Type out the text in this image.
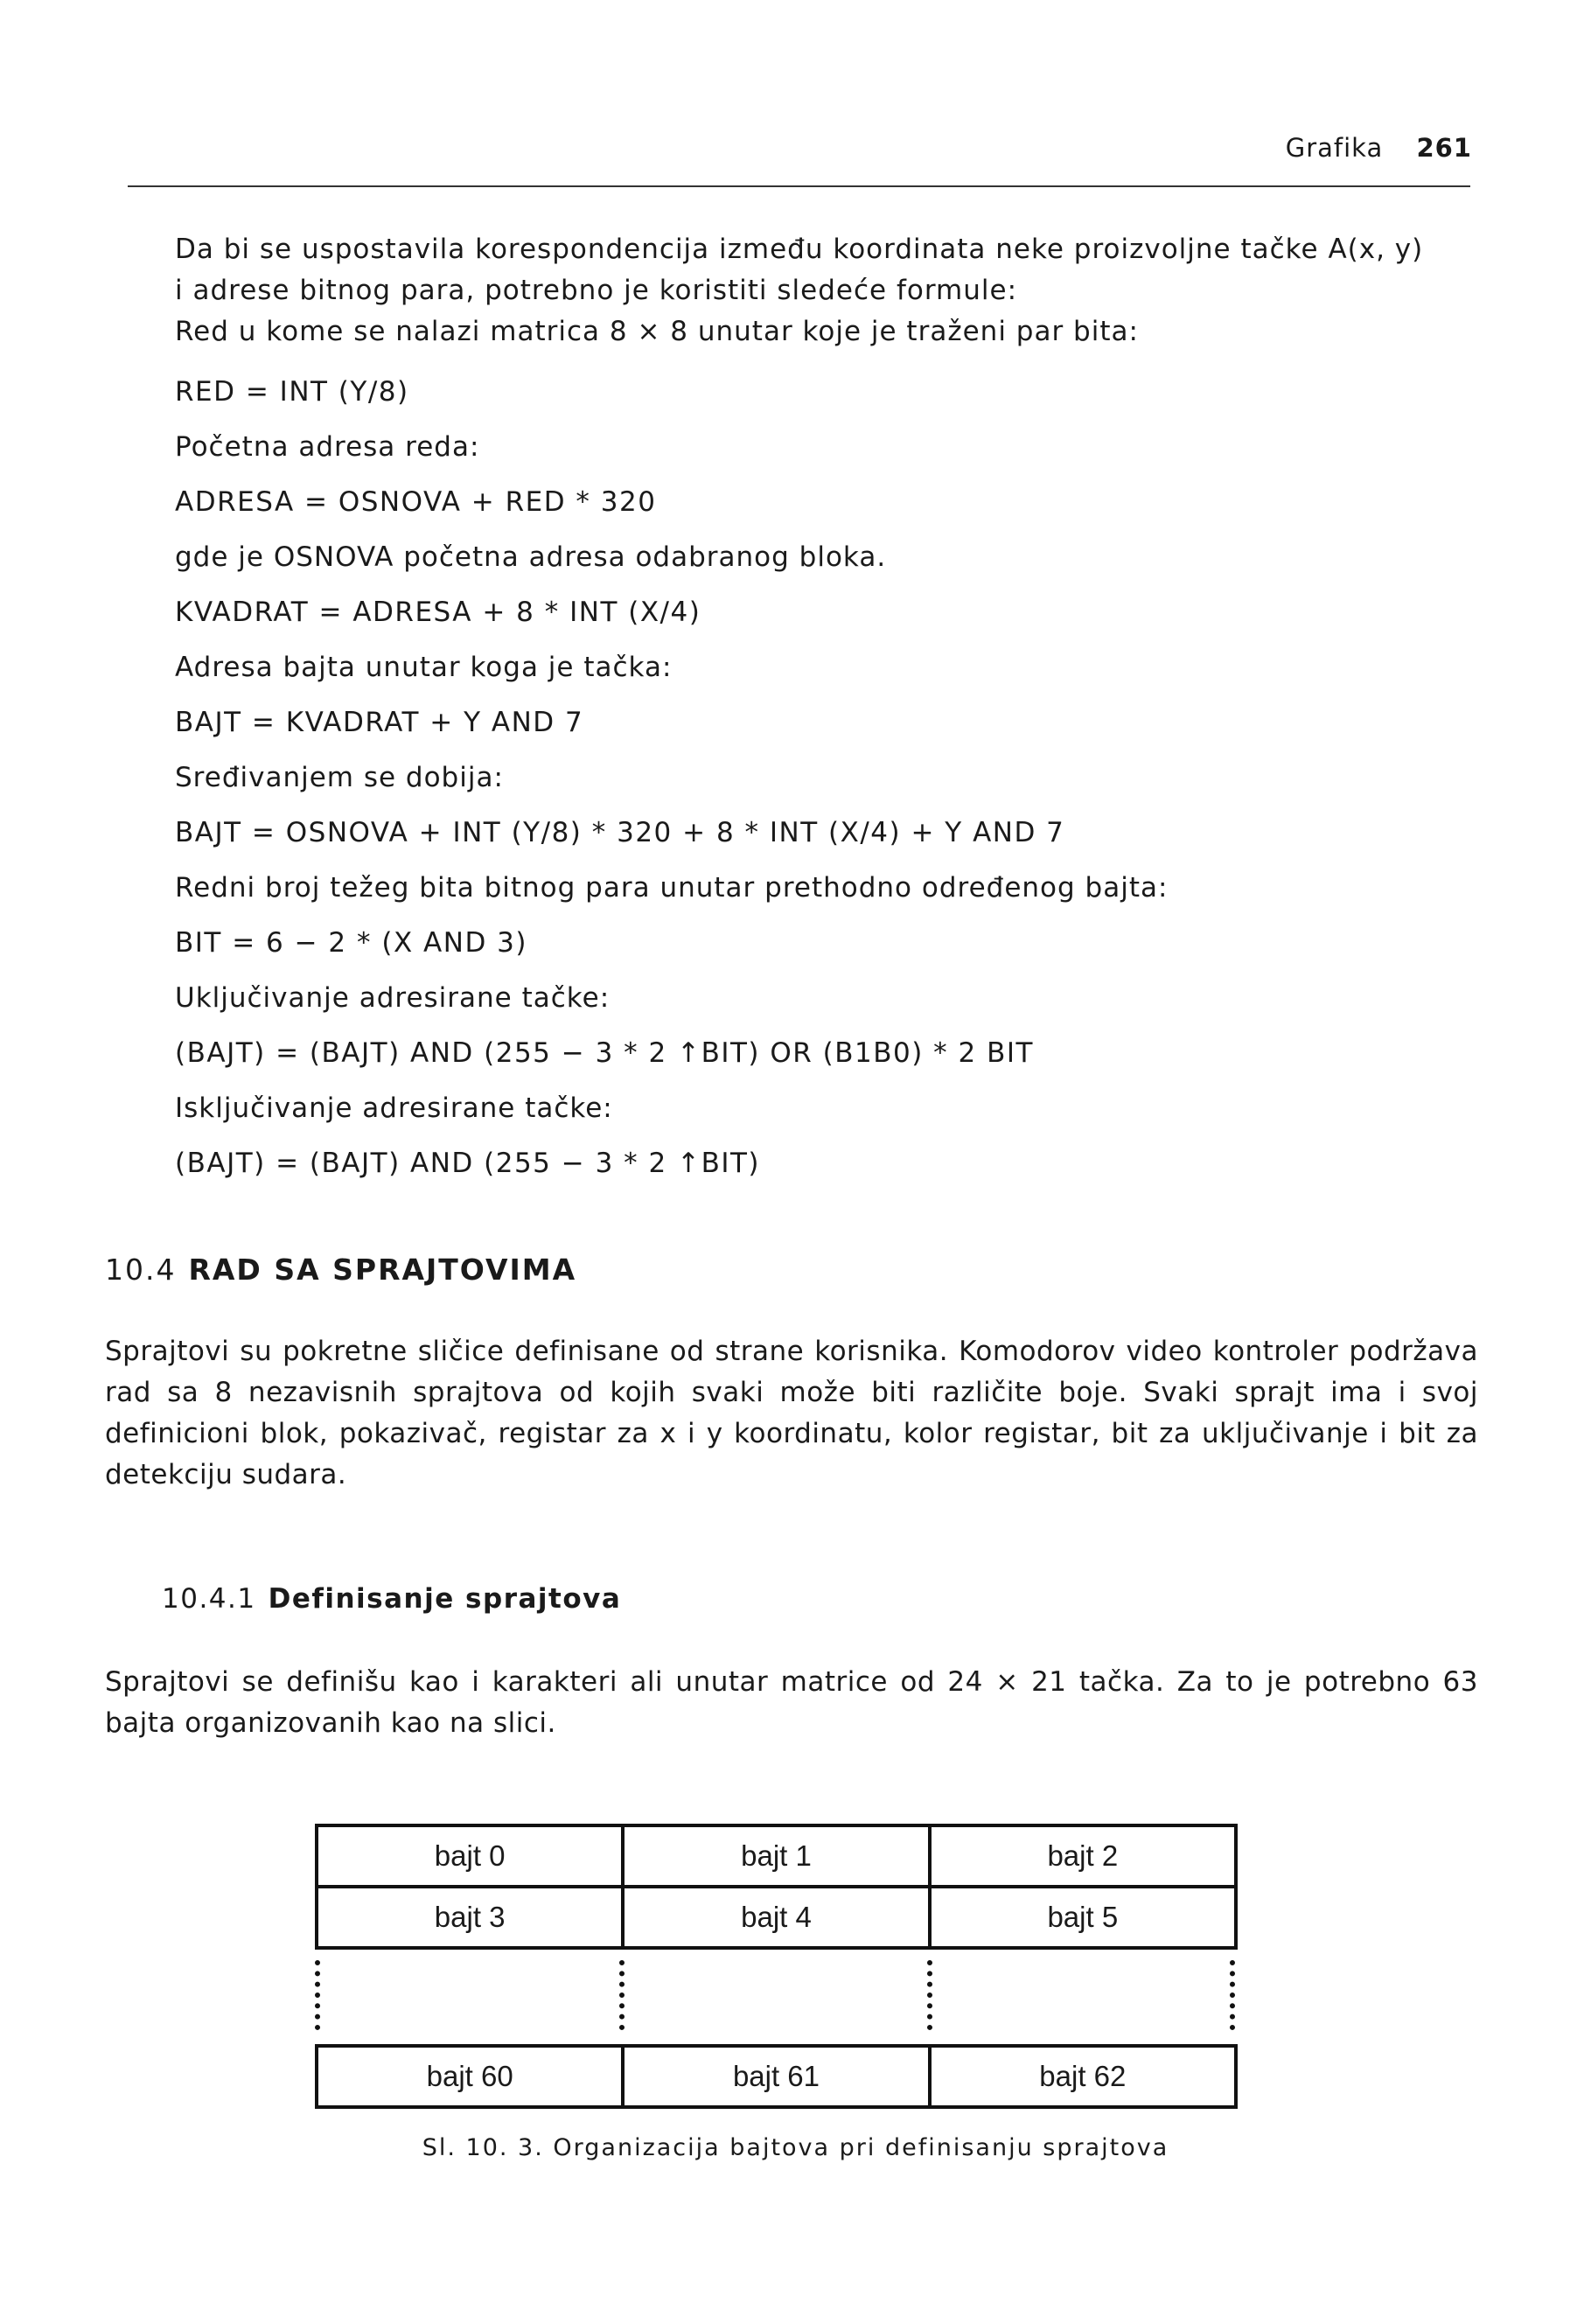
Grafika 261

Da bi se uspostavila korespondencija između koordinata neke proizvoljne tačke A(x, y)

i adrese bitnog para, potrebno je koristiti sledeće formule:

Red u kome se nalazi matrica 8 × 8 unutar koje je traženi par bita:

RED = INT (Y/8)
Početna adresa reda:
ADRESA = OSNOVA + RED * 320
gde je OSNOVA početna adresa odabranog bloka.
KVADRAT = ADRESA + 8 * INT (X/4)
Adresa bajta unutar koga je tačka:
BAJT = KVADRAT + Y AND 7
Sređivanjem se dobija:
BAJT = OSNOVA + INT (Y/8) * 320 + 8 * INT (X/4) + Y AND 7
Redni broj težeg bita bitnog para unutar prethodno određenog bajta:
BIT = 6 − 2 * (X AND 3)
Uključivanje adresirane tačke:
(BAJT) = (BAJT) AND (255 − 3 * 2 ↑BIT) OR (B1B0) * 2 BIT
Isključivanje adresirane tačke:
(BAJT) = (BAJT) AND (255 − 3 * 2 ↑BIT)
10.4 RAD SA SPRAJTOVIMA
Sprajtovi su pokretne sličice definisane od strane korisnika. Komodorov video kontroler podržava rad sa 8 nezavisnih sprajtova od kojih svaki može biti različite boje. Svaki sprajt ima i svoj definicioni blok, pokazivač, registar za x i y koordinatu, kolor registar, bit za uključivanje i bit za detekciju sudara.
10.4.1 Definisanje sprajtova
Sprajtovi se definišu kao i karakteri ali unutar matrice od 24 × 21 tačka. Za to je potrebno 63 bajta organizovanih kao na slici.
bajt 0	bajt 1	bajt 2
bajt 3	bajt 4	bajt 5
bajt 60	bajt 61	bajt 62
Sl. 10. 3. Organizacija bajtova pri definisanju sprajtova
